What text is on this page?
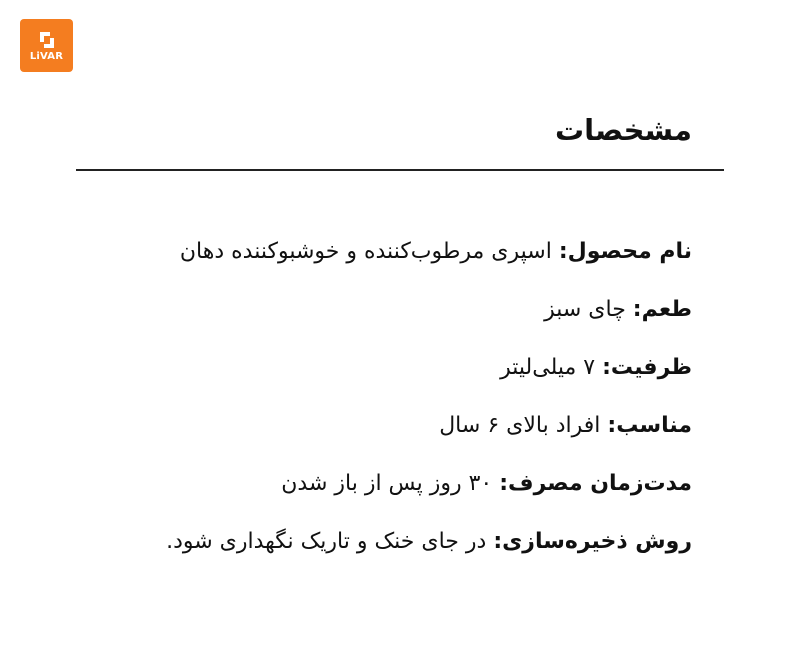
LiVAR
مشخصات
نام محصول: اسپری مرطوب‌کننده و خوشبوکننده دهان
طعم: چای سبز
ظرفیت: ۷ میلی‌لیتر
مناسب: افراد بالای ۶ سال
مدت‌زمان مصرف: ۳۰ روز پس از باز شدن
روش ذخیره‌سازی: در جای خنک و تاریک نگهداری شود.
